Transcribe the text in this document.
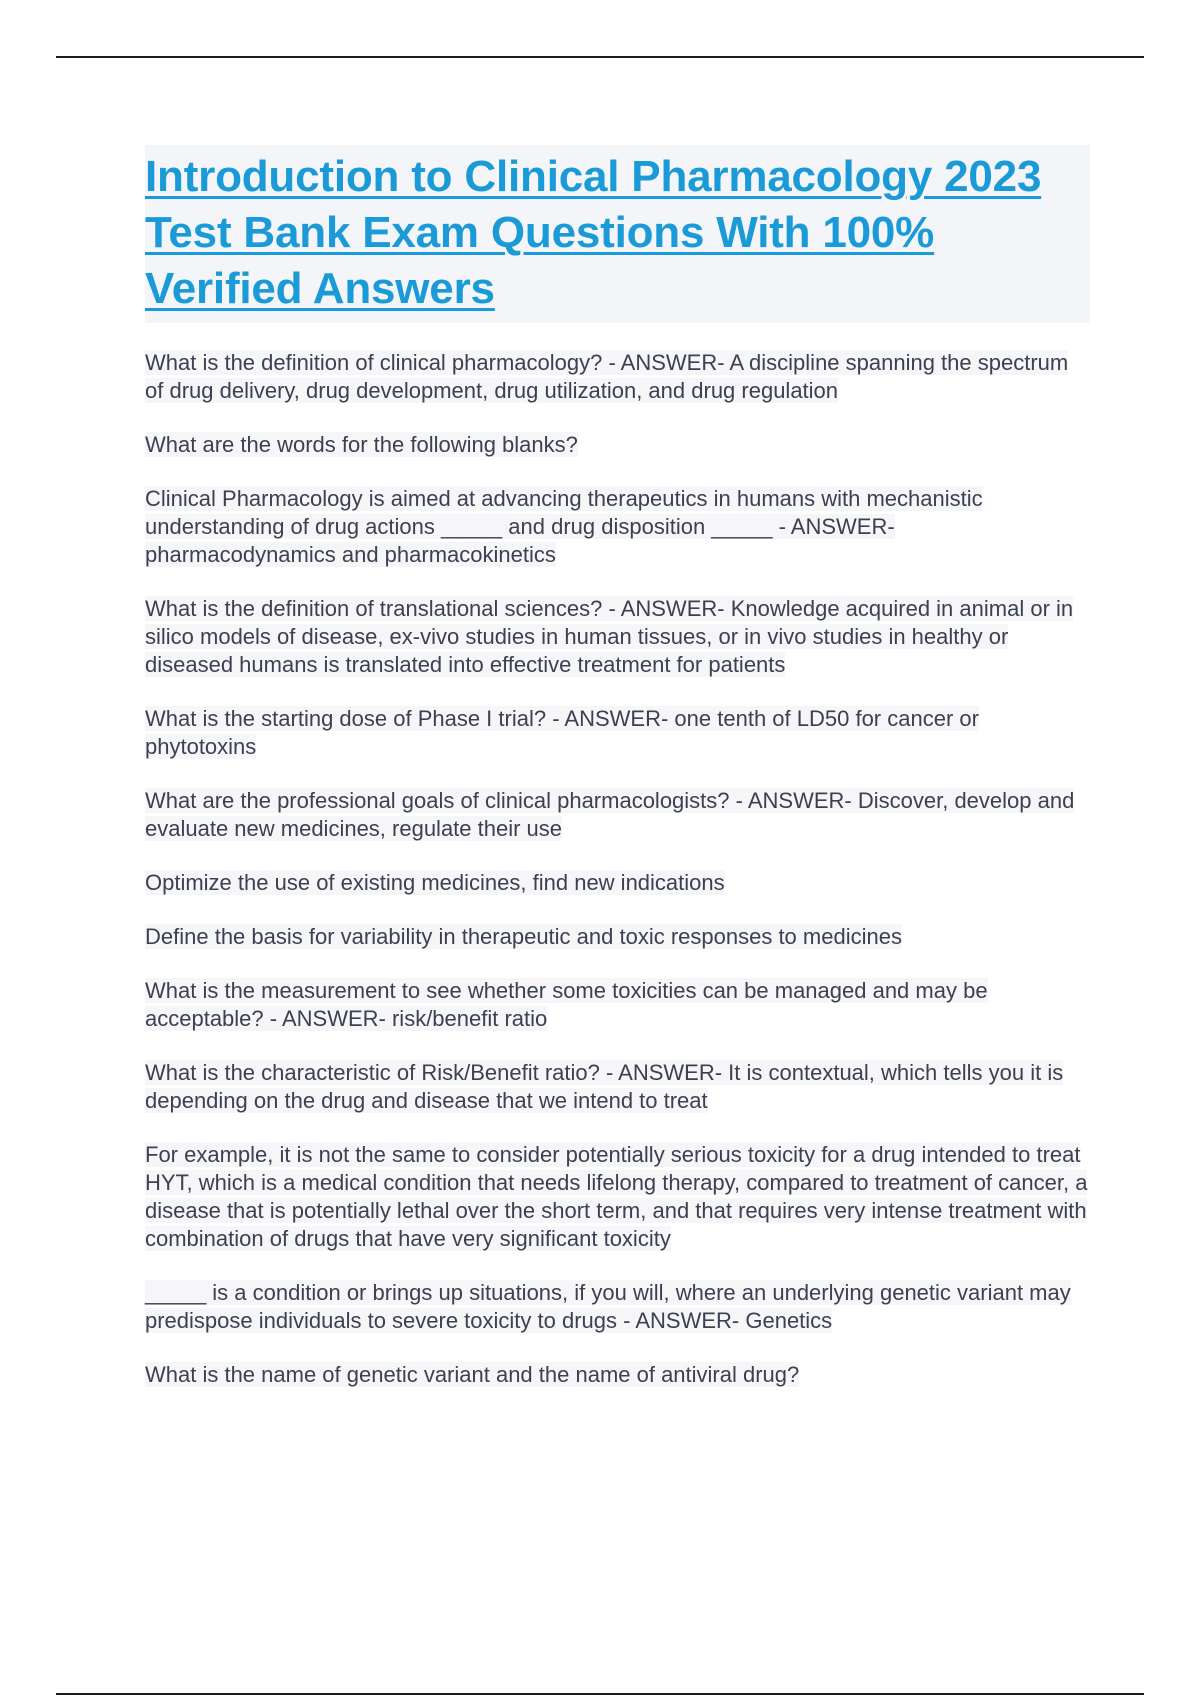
Introduction to Clinical Pharmacology 2023 Test Bank Exam Questions With 100% Verified Answers

What is the definition of clinical pharmacology? - ANSWER- A discipline spanning the spectrum of drug delivery, drug development, drug utilization, and drug regulation

What are the words for the following blanks?

Clinical Pharmacology is aimed at advancing therapeutics in humans with mechanistic understanding of drug actions _____ and drug disposition _____ - ANSWER- pharmacodynamics and pharmacokinetics

What is the definition of translational sciences? - ANSWER- Knowledge acquired in animal or in silico models of disease, ex-vivo studies in human tissues, or in vivo studies in healthy or diseased humans is translated into effective treatment for patients

What is the starting dose of Phase I trial? - ANSWER- one tenth of LD50 for cancer or phytotoxins

What are the professional goals of clinical pharmacologists? - ANSWER- Discover, develop and evaluate new medicines, regulate their use

Optimize the use of existing medicines, find new indications

Define the basis for variability in therapeutic and toxic responses to medicines

What is the measurement to see whether some toxicities can be managed and may be acceptable? - ANSWER- risk/benefit ratio

What is the characteristic of Risk/Benefit ratio? - ANSWER- It is contextual, which tells you it is depending on the drug and disease that we intend to treat

For example, it is not the same to consider potentially serious toxicity for a drug intended to treat HYT, which is a medical condition that needs lifelong therapy, compared to treatment of cancer, a disease that is potentially lethal over the short term, and that requires very intense treatment with combination of drugs that have very significant toxicity

_____ is a condition or brings up situations, if you will, where an underlying genetic variant may predispose individuals to severe toxicity to drugs - ANSWER- Genetics

What is the name of genetic variant and the name of antiviral drug?
